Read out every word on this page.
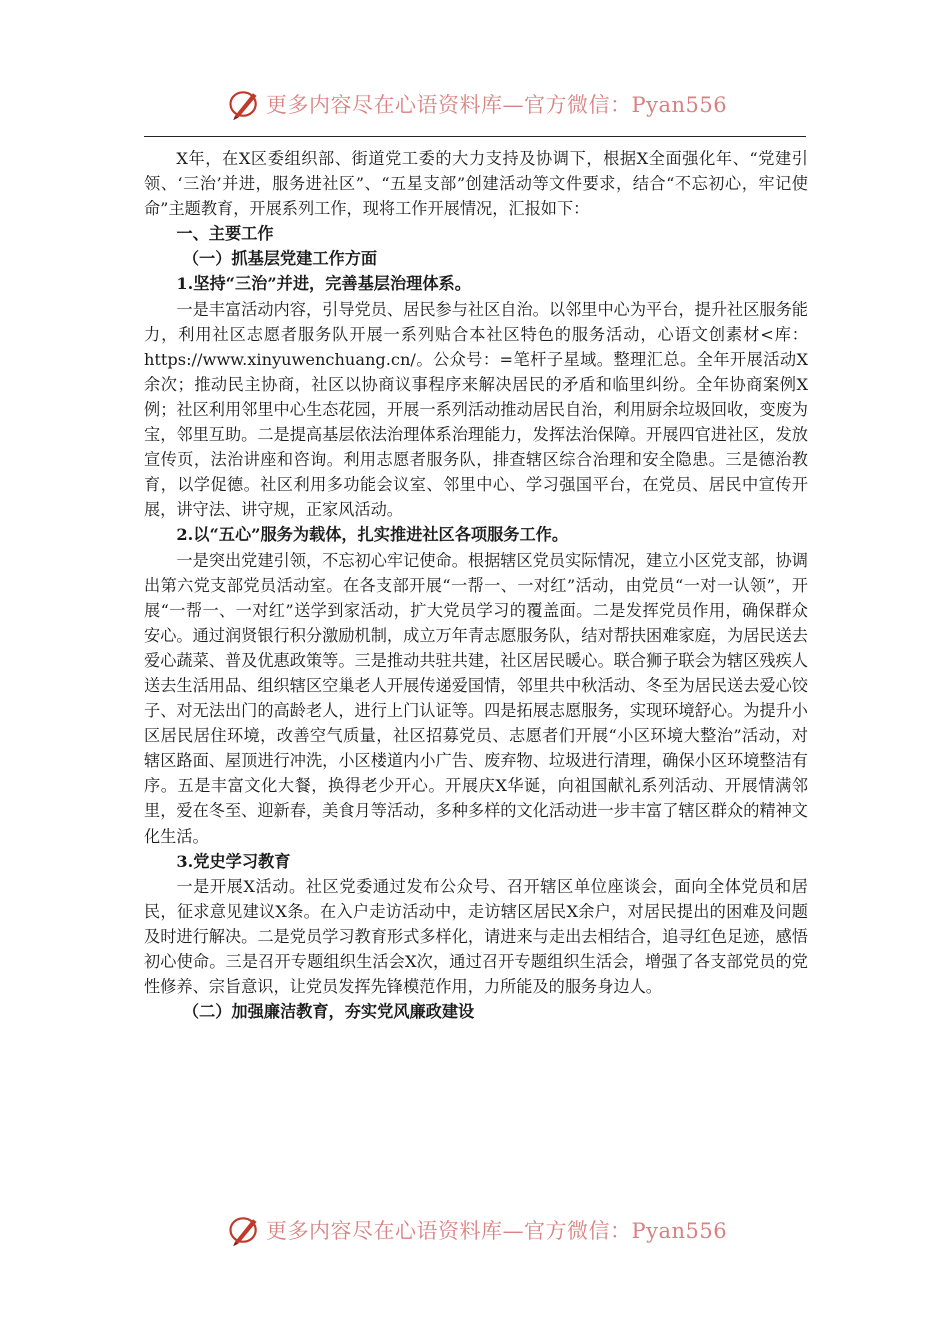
更多内容尽在心语资料库—官方微信：Pyan556

X年，在X区委组织部、街道党工委的大力支持及协调下，根据X全面强化年、“党建引领、‘三治’并进，服务进社区”、“五星支部”创建活动等文件要求，结合“不忘初心，牢记使命”主题教育，开展系列工作，现将工作开展情况，汇报如下：

一、主要工作

（一）抓基层党建工作方面

1.坚持“三治”并进，完善基层治理体系。

一是丰富活动内容，引导党员、居民参与社区自治。以邻里中心为平台，提升社区服务能力，利用社区志愿者服务队开展一系列贴合本社区特色的服务活动，心语文创素材<库：https://www.xinyuwenchuang.cn/。公众号：=笔杆子星域。整理汇总。全年开展活动X余次；推动民主协商，社区以协商议事程序来解决居民的矛盾和临里纠纷。全年协商案例X例；社区利用邻里中心生态花园，开展一系列活动推动居民自治，利用厨余垃圾回收，变废为宝，邻里互助。二是提高基层依法治理体系治理能力，发挥法治保障。开展四官进社区，发放宣传页，法治讲座和咨询。利用志愿者服务队，排查辖区综合治理和安全隐患。三是德治教育，以学促德。社区利用多功能会议室、邻里中心、学习强国平台，在党员、居民中宣传开展，讲守法、讲守规，正家风活动。

2.以“五心”服务为载体，扎实推进社区各项服务工作。

一是突出党建引领，不忘初心牢记使命。根据辖区党员实际情况，建立小区党支部，协调出第六党支部党员活动室。在各支部开展“一帮一、一对红”活动，由党员“一对一认领”，开展“一帮一、一对红”送学到家活动，扩大党员学习的覆盖面。二是发挥党员作用，确保群众安心。通过润贤银行积分激励机制，成立万年青志愿服务队，结对帮扶困难家庭，为居民送去爱心蔬菜、普及优惠政策等。三是推动共驻共建，社区居民暖心。联合狮子联会为辖区残疾人送去生活用品、组织辖区空巢老人开展传递爱国情，邻里共中秋活动、冬至为居民送去爱心饺子、对无法出门的高龄老人，进行上门认证等。四是拓展志愿服务，实现环境舒心。为提升小区居民居住环境，改善空气质量，社区招募党员、志愿者们开展“小区环境大整治”活动，对辖区路面、屋顶进行冲洗，小区楼道内小广告、废弃物、垃圾进行清理，确保小区环境整洁有序。五是丰富文化大餐，换得老少开心。开展庆X华诞，向祖国献礼系列活动、开展情满邻里，爱在冬至、迎新春，美食月等活动，多种多样的文化活动进一步丰富了辖区群众的精神文化生活。

3.党史学习教育

一是开展X活动。社区党委通过发布公众号、召开辖区单位座谈会，面向全体党员和居民，征求意见建议X条。在入户走访活动中，走访辖区居民X余户，对居民提出的困难及问题及时进行解决。二是党员学习教育形式多样化，请进来与走出去相结合，追寻红色足迹，感悟初心使命。三是召开专题组织生活会X次，通过召开专题组织生活会，增强了各支部党员的党性修养、宗旨意识，让党员发挥先锋模范作用，力所能及的服务身边人。

（二）加强廉洁教育，夯实党风廉政建设

更多内容尽在心语资料库—官方微信：Pyan556
